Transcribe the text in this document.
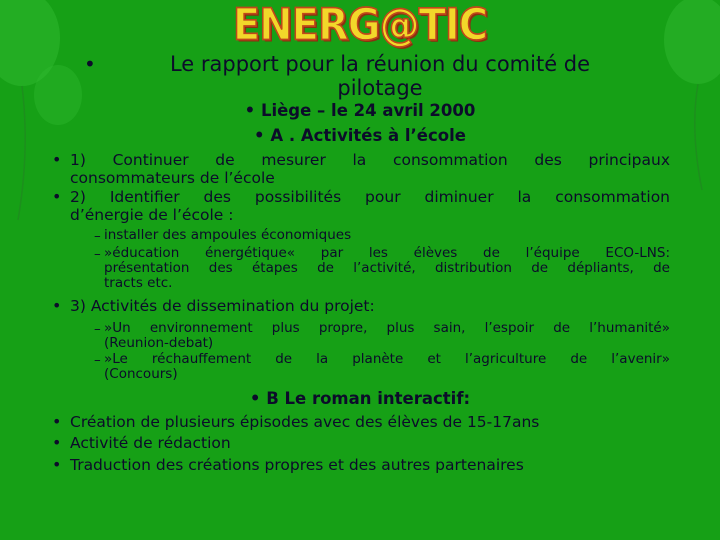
ENERG@TIC
•	Le rapport pour la réunion du comité de
pilotage
• Liège – le 24 avril 2000
• A . Activités à l’école
• 1) Continuer de mesurer la consommation des principaux
consommateurs de l’école
• 2) Identifier des possibilités pour diminuer la consommation
d’énergie de l’école :
– installer des ampoules économiques
– »éducation énergétique« par les élèves de l’équipe ECO-LNS:
présentation des étapes de l’activité, distribution de dépliants, de
tracts etc.
• 3) Activités de dissemination du projet:
– »Un environnement plus propre, plus sain, l’espoir de l’humanité»
(Reunion-debat)
– »Le réchauffement de la planète et l’agriculture de l’avenir»
(Concours)
• B Le roman interactif:
• Création de plusieurs épisodes avec des élèves de 15-17ans
• Activité de rédaction
• Traduction des créations propres et des autres partenaires
